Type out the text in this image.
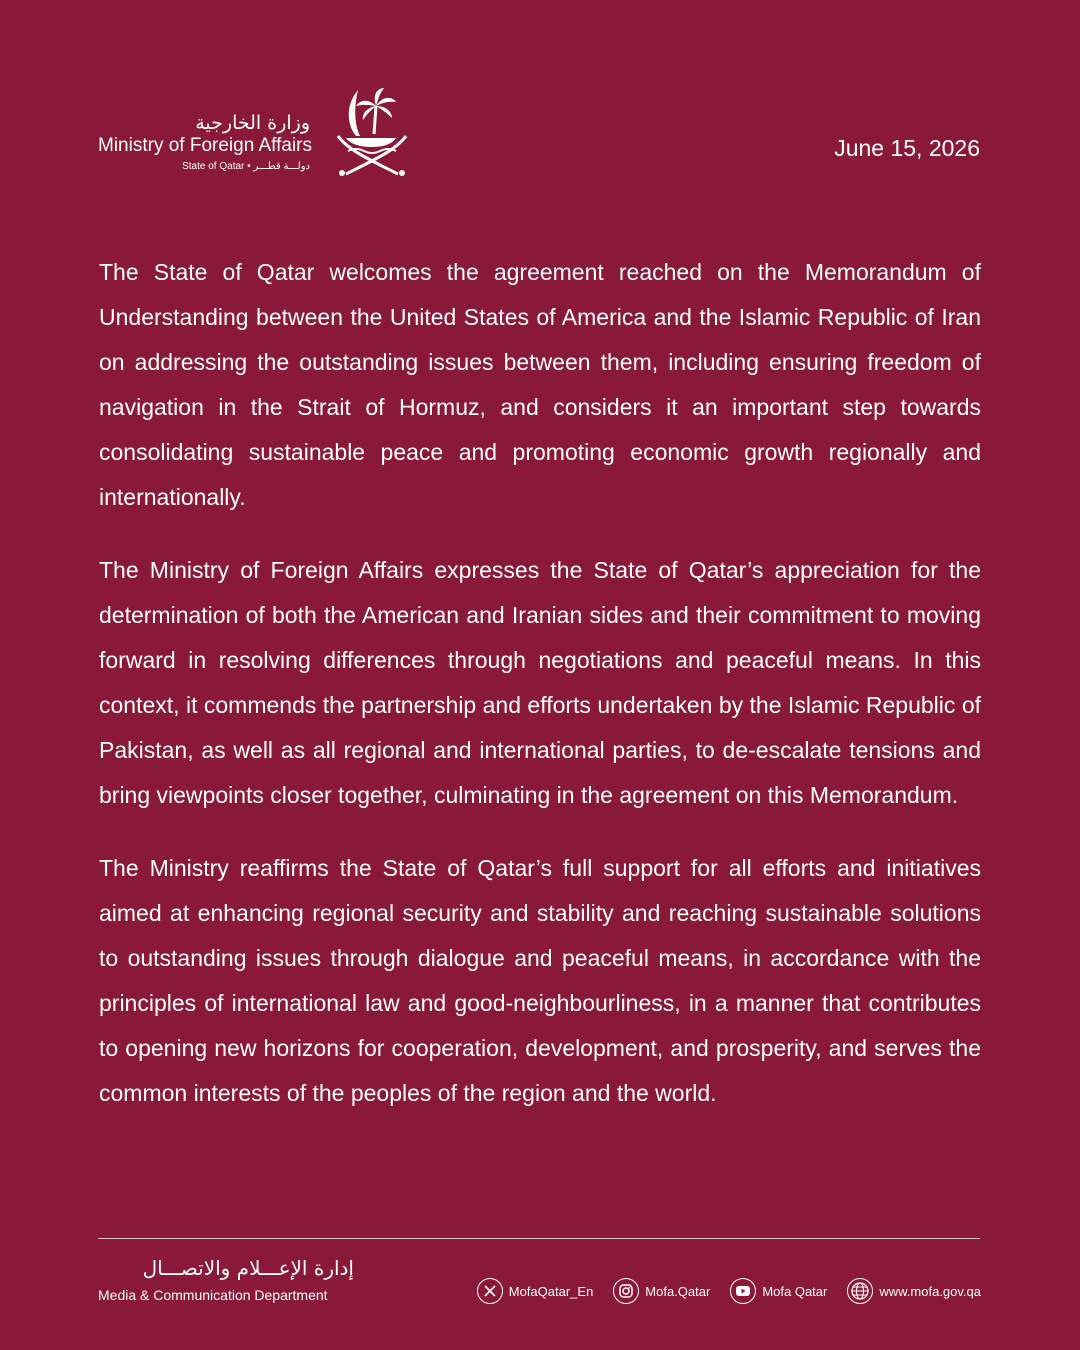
وزارة الخارجية
Ministry of Foreign Affairs
State of Qatar • دولـــة قطـــر
June 15, 2026

The State of Qatar welcomes the agreement reached on the Memorandum of Understanding between the United States of America and the Islamic Republic of Iran on addressing the outstanding issues between them, including ensuring freedom of navigation in the Strait of Hormuz, and considers it an important step towards consolidating sustainable peace and promoting economic growth regionally and internationally.

The Ministry of Foreign Affairs expresses the State of Qatar’s appreciation for the determination of both the American and Iranian sides and their commitment to moving forward in resolving differences through negotiations and peaceful means. In this context, it commends the partnership and efforts undertaken by the Islamic Republic of Pakistan, as well as all regional and international parties, to de-escalate tensions and bring viewpoints closer together, culminating in the agreement on this Memorandum.

The Ministry reaffirms the State of Qatar’s full support for all efforts and initiatives aimed at enhancing regional security and stability and reaching sustainable solutions to outstanding issues through dialogue and peaceful means, in accordance with the principles of international law and good-neighbourliness, in a manner that contributes to opening new horizons for cooperation, development, and prosperity, and serves the common interests of the peoples of the region and the world.

إدارة الإعـــلام والاتصـــال
Media & Communication Department	MofaQatar_En	Mofa.Qatar	Mofa Qatar	www.mofa.gov.qa
